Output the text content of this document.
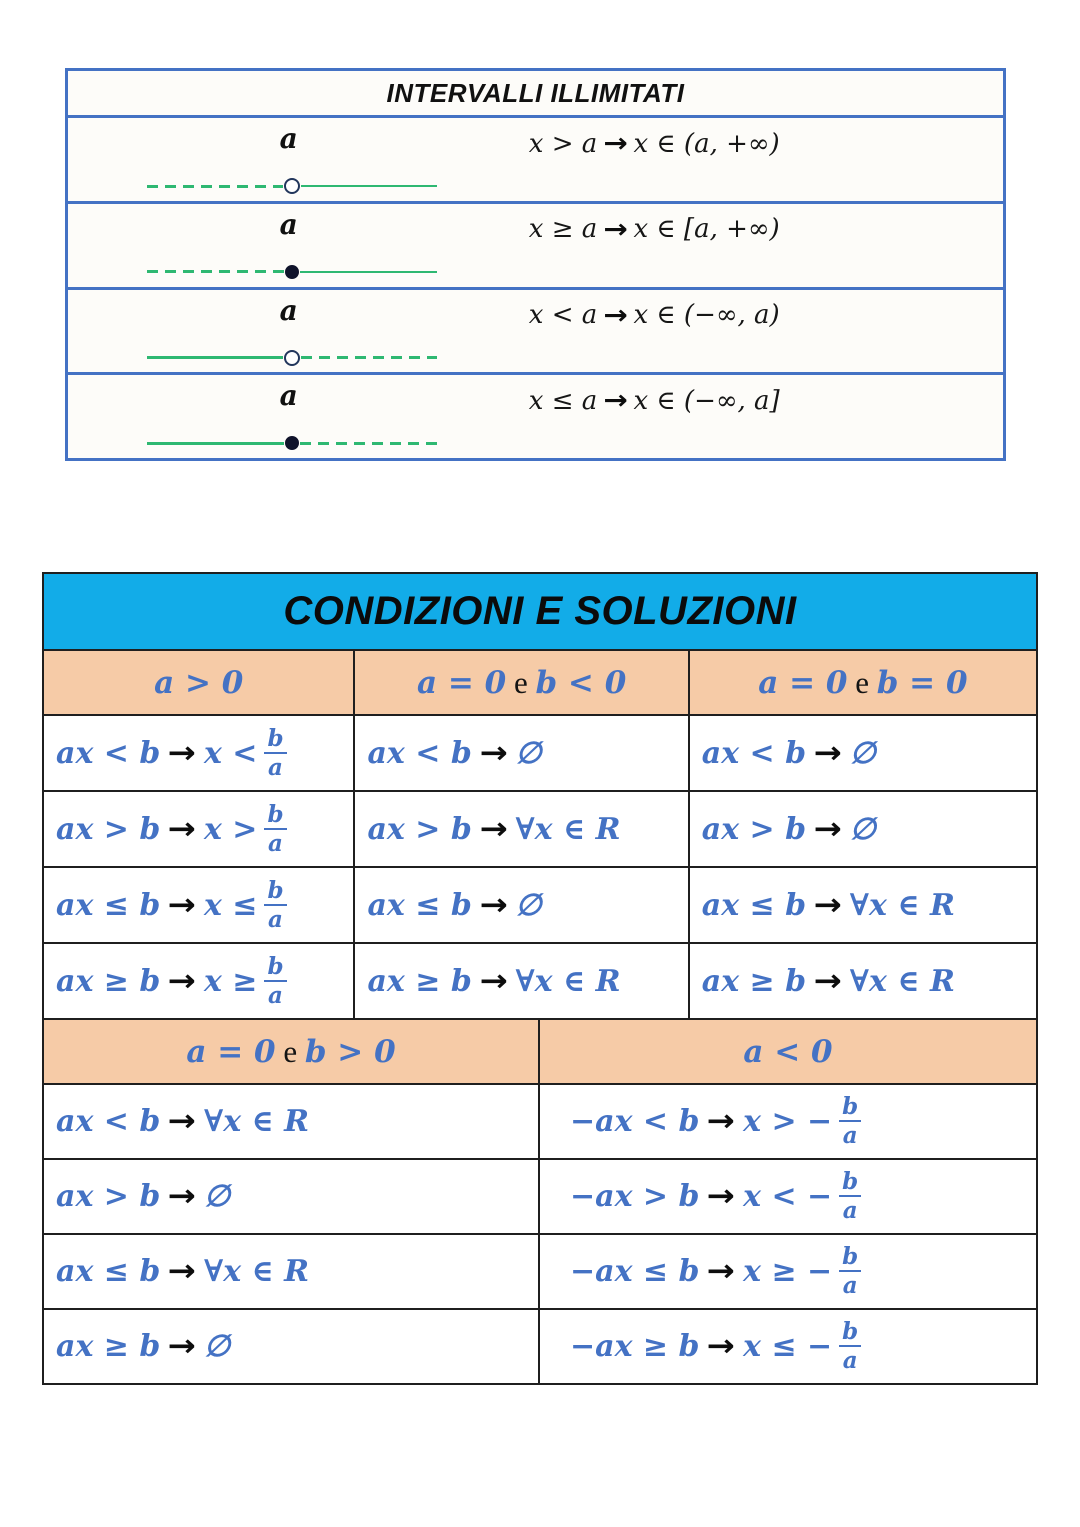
INTERVALLI ILLIMITATI
a	x > a → x ∈ (a, +∞)
a	x ≥ a → x ∈ [a, +∞)
a	x < a → x ∈ (−∞, a)
a	x ≤ a → x ∈ (−∞, a]
CONDIZIONI E SOLUZIONI
a > 0	a = 0 e b < 0	a = 0 e b = 0
ax < $b \to x < \frac{b}{a}$	ax < b → ∅	ax < b → ∅
ax > $b \to x > \frac{b}{a}$	ax > b → ∀x ∈ R	ax > b → ∅
ax ≤ $b \to x \le \frac{b}{a}$	ax ≤ b → ∅	ax ≤ b → ∀x ∈ R
ax ≥ $b \to x \ge \frac{b}{a}$	ax ≥ b → ∀x ∈ R	ax ≥ b → ∀x ∈ R
a = 0 e b > 0	a < 0
ax < b → ∀x ∈ R	−ax < b → x > − $\frac{b}{a}$
ax > b → ∅	−ax > b → x < − $\frac{b}{a}$
ax ≤ b → ∀x ∈ R	−ax ≤ b → x ≥ − $\frac{b}{a}$
ax ≥ b → ∅	−ax ≥ b → x ≤ − $\frac{b}{a}$
